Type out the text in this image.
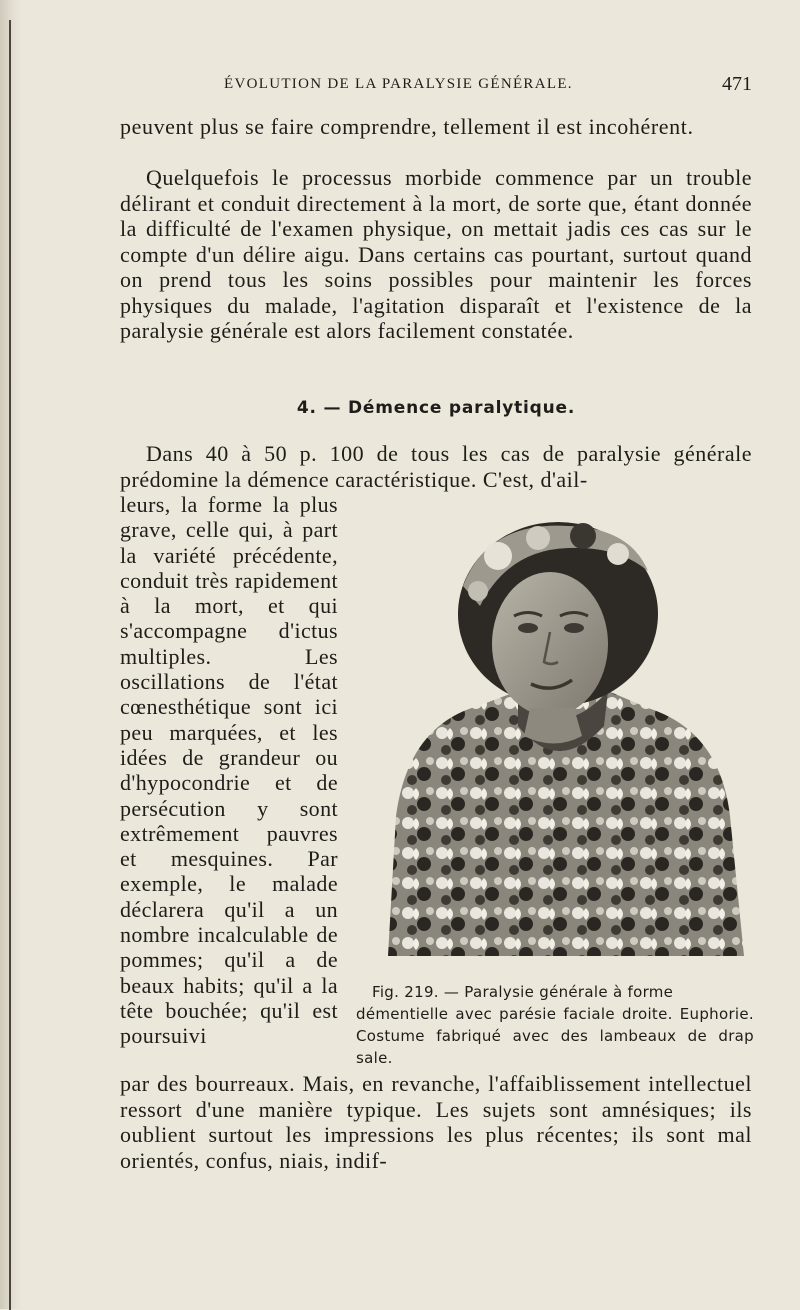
ÉVOLUTION DE LA PARALYSIE GÉNÉRALE.	471

peuvent plus se faire comprendre, tellement il est incohérent.

Quelquefois le processus morbide commence par un trouble délirant et conduit directement à la mort, de sorte que, étant donnée la difficulté de l'examen physique, on mettait jadis ces cas sur le compte d'un délire aigu. Dans certains cas pourtant, surtout quand on prend tous les soins possibles pour maintenir les forces physiques du malade, l'agitation disparaît et l'existence de la paralysie générale est alors facilement constatée.

4. — Démence paralytique.

Dans 40 à 50 p. 100 de tous les cas de paralysie générale prédomine la démence caractéristique. C'est, d'ail-

leurs, la forme la plus grave, celle qui, à part la variété précédente, conduit très rapidement à la mort, et qui s'accompagne d'ictus multiples. Les oscillations de l'état cœnesthétique sont ici peu marquées, et les idées de grandeur ou d'hypocondrie et de persécution y sont extrêmement pauvres et mesquines. Par exemple, le malade déclarera qu'il a un nombre incalculable de pommes; qu'il a de beaux habits; qu'il a la tête bouchée; qu'il est poursuivi

Fig. 219. — Paralysie générale à forme
démentielle avec parésie faciale droite. Euphorie. Costume fabriqué avec des lambeaux de drap sale.

par des bourreaux. Mais, en revanche, l'affaiblissement intellectuel ressort d'une manière typique. Les sujets sont amnésiques; ils oublient surtout les impressions les plus récentes; ils sont mal orientés, confus, niais, indif-
